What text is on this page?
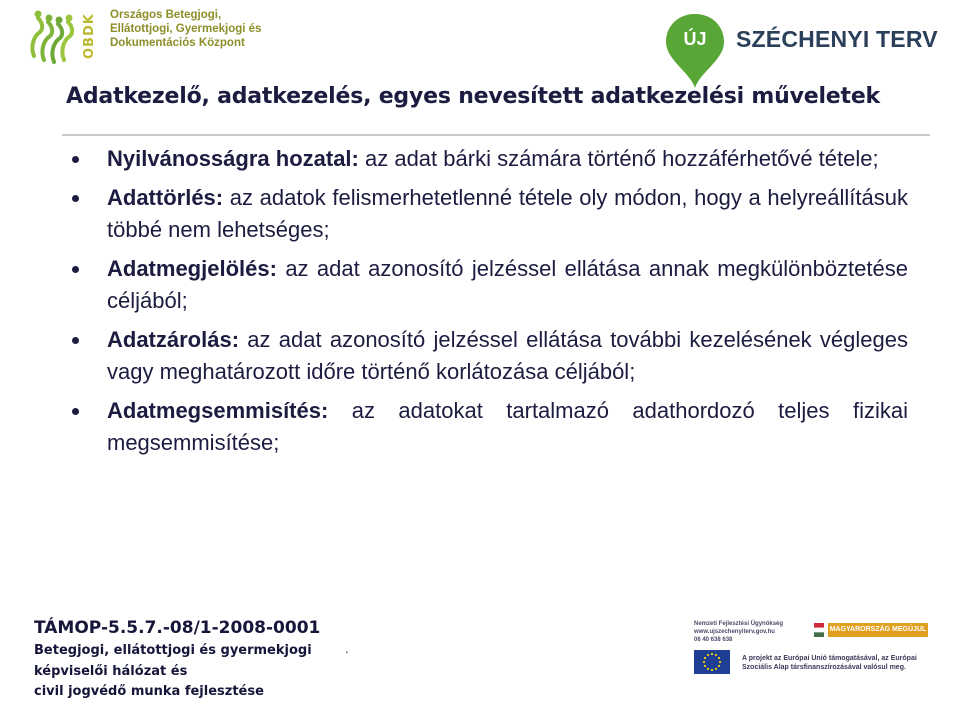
OBDK	Országos Betegjogi,
Ellátottjogi, Gyermekjogi és
Dokumentációs Központ	ÚJ	SZÉCHENYI TERV
Adatkezelő, adatkezelés, egyes nevesített adatkezelési műveletek
Nyilvánosságra hozatal: az adat bárki számára történő hozzáférhetővé tétele;
Adattörlés: az adatok felismerhetetlenné tétele oly módon, hogy a helyreállításuk többé nem lehetséges;
Adatmegjelölés: az adat azonosító jelzéssel ellátása annak megkülönböztetése céljából;
Adatzárolás: az adat azonosító jelzéssel ellátása további kezelésének végleges vagy meghatározott időre történő korlátozása céljából;
Adatmegsemmisítés: az adatokat tartalmazó adathordozó teljes fizikai megsemmisítése;
TÁMOP-5.5.7.-08/1-2008-0001
Betegjogi, ellátottjogi és gyermekjogi
képviselői hálózat és
civil jogvédő munka fejlesztése
.
Nemzeti Fejlesztési Ügynökség
www.ujszechenyiterv.gov.hu
06 40 638 638
MAGYARORSZÁG MEGÚJUL
A projekt az Európai Unió támogatásával, az Európai
Szociális Alap társfinanszírozásával valósul meg.
